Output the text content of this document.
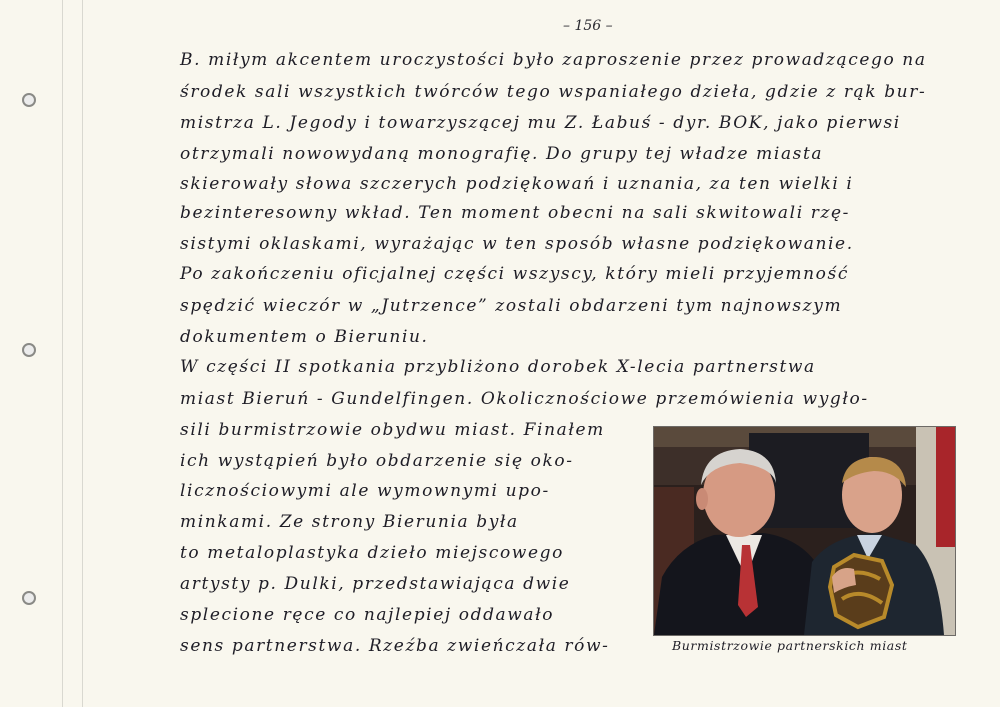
– 156 –
B. miłym akcentem uroczystości było zaproszenie przez prowadzącego na
środek sali wszystkich twórców tego wspaniałego dzieła, gdzie z rąk bur-
mistrza L. Jegody i towarzyszącej mu Z. Łabuś - dyr. BOK, jako pierwsi
otrzymali nowowydaną monografię. Do grupy tej władze miasta
skierowały słowa szczerych podziękowań i uznania, za ten wielki i
bezinteresowny wkład. Ten moment obecni na sali skwitowali rzę-
sistymi oklaskami, wyrażając w ten sposób własne podziękowanie.
Po zakończeniu oficjalnej części wszyscy, który mieli przyjemność
spędzić wieczór w „Jutrzence” zostali obdarzeni tym najnowszym
dokumentem o Bieruniu.
W części II spotkania przybliżono dorobek X-lecia partnerstwa
miast Bieruń - Gundelfingen. Okolicznościowe przemówienia wygło-
sili burmistrzowie obydwu miast. Finałem
ich wystąpień było obdarzenie się oko-
licznościowymi ale wymownymi upo-
minkami. Ze strony Bierunia była
to metaloplastyka dzieło miejscowego
artysty p. Dulki, przedstawiająca dwie
splecione ręce co najlepiej oddawało
sens partnerstwa. Rzeźba zwieńczała rów-	Burmistrzowie partnerskich miast
